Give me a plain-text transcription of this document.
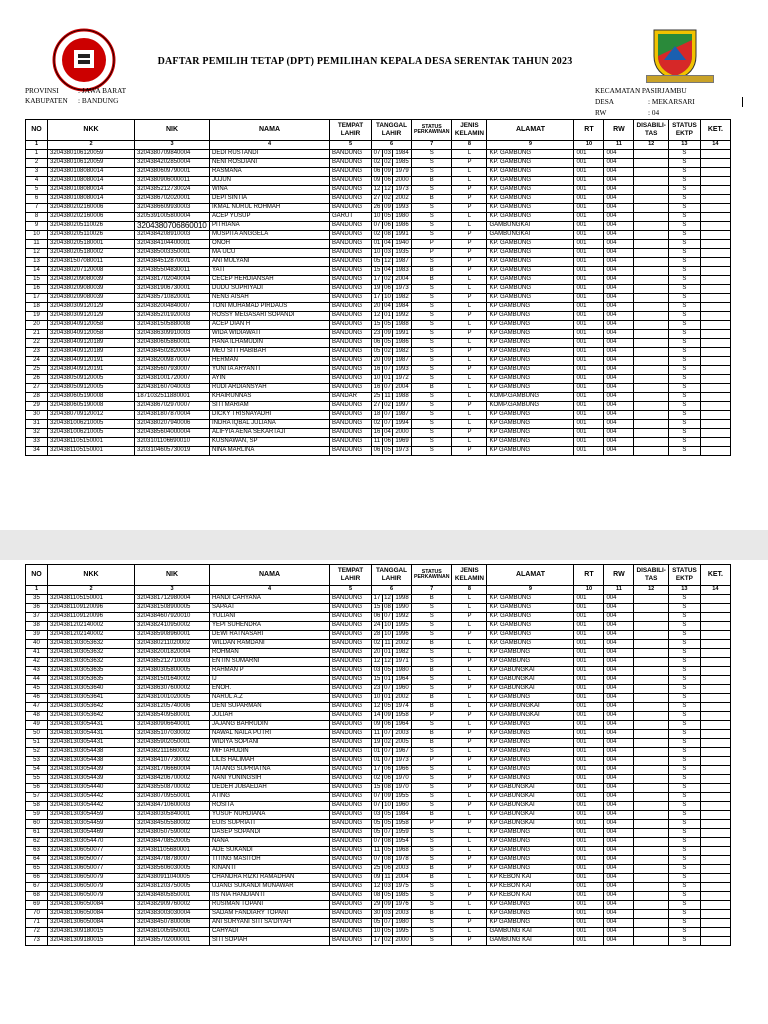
DAFTAR PEMILIH TETAP (DPT) PEMILIHAN KEPALA DESA SERENTAK TAHUN 2023
PROVINSI	: JAWA BARAT
KABUPATEN : BANDUNG
KECAMATAN
: PASIRJAMBU
DESA	: MEKARSARI
RW	: 04
NO	NKK	NIK	NAMA	TEMPAT LAHIR	TANGGAL LAHIR	STATUS PERKAWINAN	JENIS KELAMIN	ALAMAT	RT	RW	DISABILI-TAS	STATUS EKTP	KET.
1	2	3	4	5	6	7	8	9	10	11	12	13	14
1	3204380106120059	3204380709840004	DEDI RUSTANDI	BANDUNG	07 03 1984	S	L	KP. GAMBUNG	001	004		S	
2	3204380106120059	3204384202850004	NENI ROSDIANI	BANDUNG	02 02 1985	S	P	KP. GAMBUNG	001	004		S	
3	3204380108080014	3204380609790001	RASMANA	BANDUNG	06 09 1979	S	L	KP. GAMBUNG	001	004		S	
4	3204380108080014	3204380906000011	JUJUN	BANDUNG	09 06 2000	B	L	KP. GAMBUNG	001	004		S	
5	3204380108080014	3204385212730024	WINA	BANDUNG	12 12 1973	S	P	KP. GAMBUNG	001	004		S	
6	3204380108080014	3204386702020001	DEPI SINTIA	BANDUNG	27 02 2002	B	P	KP. GAMBUNG	001	004		S	
7	3204380202160006	3204386609930003	IKMAL NURUL ROHMAH	BANDUNG	26 09 1993	S	P	KP. GAMBUNG	001	004		S	
8	3204380202160006	3205391005800004	ACEP YUSUP	GARUT	10 05 1980	S	L	KP. GAMBUNG	001	004		S	
9	3204380205110026	3204380706860010	PITRIANA	BANDUNG	07 06 1986	S	L	GAMBUNGKAI	001	004		S	
10	3204380205110026	3204384208910003	MUSPITA ANGGELA	BANDUNG	02 08 1991	S	P	GAMBUNGKAI	001	004		S	
11	3204380205180001	3204384104400001	ONOH	BANDUNG	01 04 1940	P	P	KP. GAMBUNG	001	004		S	
12	3204380205180002	3204385003350001	MA UCU	BANDUNG	10 03 1935	P	P	KP. GAMBUNG	001	004		S	
13	3204381507080011	3204384512870001	ANI MULYANI	BANDUNG	05 12 1987	S	P	KP. GAMBUNG	001	004		S	
14	3204380207120008	3204385504830011	YATI	BANDUNG	15 04 1983	B	P	KP. GAMBUNG	001	004		S	
15	3204380209080039	3204381702040004	CECEP HERDIANSAH	BANDUNG	17 02 2004	B	L	KP. GAMBUNG	001	004		S	
16	3204380209080039	3204381906730001	DUDU SUPRIYADI	BANDUNG	19 06 1973	S	L	KP. GAMBUNG	001	004		S	
17	3204380209080039	3204385710820001	NENG AISAH	BANDUNG	17 10 1982	S	P	KP. GAMBUNG	001	004		S	
18	3204380309120129	3204382004840007	TONI MUHAMAD PIRDAUS	BANDUNG	20 04 1984	S	L	KP GAMBUNG	001	004		S	
19	3204380309120129	3204385201920003	ROSSY MEGASARI SOPANDI	BANDUNG	12 01 1992	S	P	KP GAMBUNG	001	004		S	
20	3204380409120058	3204381505880008	ACEP DIAN H	BANDUNG	15 05 1988	S	L	KP GAMBUNG	001	004		S	
21	3204380409120058	3204386309910003	WIDA WIDIAWATI	BANDUNG	23 09 1991	S	P	KP GAMBUNG	001	004		S	
22	3204380409120189	3204380605860001	HANA ILHAMUDIN	BANDUNG	06 05 1986	S	L	KP GAMBUNG	001	004		S	
23	3204380409120189	3204384502820004	MEU SITI HABIBAH	BANDUNG	05 02 1982	S	P	KP GAMBUNG	001	004		S	
24	3204380409120191	3204382009870007	HERMAN	BANDUNG	20 09 1987	S	L	KP GAMBUNG	001	004		S	
25	3204380409120191	3204385607930007	YUNITA ARYANTI	BANDUNG	16 07 1993	S	P	KP GAMBUNG	001	004		S	
26	3204380509120005	3204381001720007	AYIN	BANDUNG	10 01 1972	S	L	KP GAMBUNG	001	004		S	
27	3204380509120005	3204381607040003	RUDI ARDIANSYAH	BANDUNG	16 07 2004	B	L	KP GAMBUNG	001	004		S	
28	3204380605190008	1871032511880001	KHAIRUNNAS	BANDAR	25 11 1988	S	L	KOMP.GAMBUNG	001	004		S	
29	3204380605190008	3204386702970007	SITI MARIAM	BANDUNG	27 02 1997	S	P	KOMP.GAMBUNG	001	004		S	
30	3204380709120012	3204381807870004	DICKY TRISNAYADHI	BANDUNG	18 07 1987	S	L	KP GAMBUNG	001	004		S	
31	3204381006210005	3204380207940006	INDRA IQBAL JULIANA	BANDUNG	02 07 1994	S	L	KP GAMBUNG	001	004		S	
32	3204381006210005	3204385604000004	ALIFYIA AENA SEKARTAJI	BANDUNG	16 04 2000	S	P	KP GAMBUNG	001	004		S	
33	3204381105150001	3203101106690010	KUSNAWAN, SP	BANDUNG	11 06 1969	S	L	KP GAMBUNG	001	004		S	
34	3204381105150001	3203104605730019	NINA MARLINA	BANDUNG	06 05 1973	S	P	KP GAMBUNG	001	004		S	
NO	NKK	NIK	NAMA	TEMPAT LAHIR	TANGGAL LAHIR	STATUS PERKAWINAN	JENIS KELAMIN	ALAMAT	RT	RW	DISABILI-TAS	STATUS EKTP	KET.
1	2	3	4	5	6	7	8	9	10	11	12	13	14
35	3204381105150001	3204381712980004	HANDI CAHYANA	BANDUNG	17 12 1998	B	L	KP. GAMBUNG	001	004		S	
36	3204381109120096	3204381508900005	SAPAAT	BANDUNG	15 08 1990	S	L	KP. GAMBUNG	001	004		S	
37	3204381109120096	3204384607920010	YULIANI	BANDUNG	06 07 1992	S	P	KP. GAMBUNG	001	004		S	
38	3204381202140002	3204382410950002	YEPI SUHENDRA	BANDUNG	24 10 1995	S	L	KP. GAMBUNG	001	004		S	
39	3204381202140002	3204385908960001	DEWI RATNASARI	BANDUNG	28 10 1996	S	P	KP. GAMBUNG	001	004		S	
40	3204381303053632	3204380211020002	WILDAN RAMDANI	BANDUNG	02 11 2002	B	L	KP. GAMBUNG	001	004		S	
41	3204381303053632	3204382001820004	ROHMAN	BANDUNG	20 01 1982	S	L	KP GAMBUNG	001	004		S	
42	3204381303053632	3204385212710003	ENTIN SUMARNI	BANDUNG	12 12 1971	S	P	KP GAMBUNG	001	004		S	
43	3204381303053635	3204380305800005	RAHMAN P	BANDUNG	03 05 1980	B	L	KP GABUNGKAI	001	004		S	
44	3204381303053635	3204381501640002	IJ	BANDUNG	15 01 1964	S	L	KP GABUNGKAI	001	004		S	
45	3204381303053640	3204386307600002	ENOH.	BANDUNG	23 07 1960	S	P	KP GABUNGKAI	001	004		S	
46	3204381303053641	3204381001020005	NARUL A.Z	BANDUNG	10 01 2002	B	L	KP GAMBUNG	001	004		S	
47	3204381303053642	3204381205740006	DENI SUPARMAN	BANDUNG	12 05 1974	B	L	KP GAMBUNGKAI	001	004		S	
48	3204381303053642	3204385409580001	JULIAH	BANDUNG	14 09 1958	P	P	KP GAMBUNGKAI	001	004		S	
49	3204381303054431	3204380906640001	JAJANG BAHRUDIN	BANDUNG	09 06 1964	S	L	KP GAMBUNG	001	004		S	
50	3204381303054431	3204385107030002	NAWAL NAILA PUTRI	BANDUNG	11 07 2003	B	P	KP GAMBUNG	001	004		S	
51	3204381303054431	3204385902050001	WIDIYA SOPIANI	BANDUNG	19 02 2005	B	P	KP GAMBUNG	001	004		S	
52	3204381303054438	3204382111660002	MIFTAHUDIN	BANDUNG	01 07 1967	S	L	KP GAMBUNG	001	004		S	
53	3204381303054438	3204384107730002	LILIS HALIMAH	BANDUNG	01 07 1973	P	P	KP GAMBUNG	001	004		S	
54	3204381303054439	3204381706660004	TATANG SUPRIATNA	BANDUNG	17 06 1966	S	L	KP GAMBUNG	001	004		S	
55	3204381303054439	3204384206700002	NANI YUNINGSIH	BANDUNG	02 06 1970	S	P	KP GAMBUNG	001	004		S	
56	3204381303054440	3204385508700002	DEDEH JUBAEDAH	BANDUNG	15 08 1970	S	P	KP GABUNGKAI	001	004		S	
57	3204381303054442	3204380709550001	ATING	BANDUNG	07 09 1955	S	L	KP GABUNGKAI	001	004		S	
58	3204381303054442	3204384710600003	ROSITA	BANDUNG	07 10 1960	S	P	KP GABUNGKAI	001	004		S	
59	3204381303054459	3204380305840001	YUSUF NURDIANA	BANDUNG	03 05 1984	B	L	KP GABUNGKAI	001	004		S	
60	3204381303054459	3204384505580002	EUIS SUPRIATI	BANDUNG	05 05 1958	P	P	KP GABUNGKAI	001	004		S	
61	3204381303054469	3204380507590002	DASEP SOPANDI	BANDUNG	05 07 1959	S	L	KP GAMBUNG	001	004		S	
62	3204381303054470	3204384708520005	NANA	BANDUNG	07 08 1954	S	L	KP GAMBUNG	001	004		S	
63	3204381306050077	3204381105680001	ADE SUKANDI	BANDUNG	11 05 1968	S	L	KP GAMBUNG	001	004		S	
64	3204381306050077	3204384708780007	TITING MASITOH	BANDUNG	07 08 1978	S	P	KP GAMBUNG	001	004		S	
65	3204381306050077	3204385606030005	KINANTI	BANDUNG	25 06 2003	B	P	KP GAMBUNG	001	004		S	
66	3204381306050079	3204380911040005	CHANDRA RIZKI RAMADHAN	BANDUNG	09 11 2004	B	L	KP KEBON KAI	001	004		S	
67	3204381306050079	3204381203750005	UJANG SUKANDI MUNAWAR	BANDUNG	12 03 1975	S	L	KP KEBON KAI	001	004		S	
68	3204381306050079	3204384805850001	IIS NIA HANDIANTI	BANDUNG	08 05 1985	S	P	KP KEBON KAI	001	004		S	
69	3204381306050084	3204382909760002	RUSIMAN TOPANI	BANDUNG	29 09 1976	S	L	KP GAMBUNG	001	004		S	
70	3204381306050084	3204383003030004	SADAM FANDIARY TOPANI	BANDUNG	30 03 2003	B	L	KP GAMBUNG	001	004		S	
71	3204381306050084	3204384507800006	ANI SURYANI SITI SA'DIYAH	BANDUNG	05 07 1980	S	P	KP GAMBUNG	001	004		S	
72	3204381309180015	3204381005950001	CAHYADI	BANDUNG	10 05 1995	S	L	GAMBUNG KAI	001	004		S	
73	3204381309180015	3204385702000001	SITI SOPIAH	BANDUNG	17 02 2000	S	P	GAMBUNG KAI	001	004		S	
